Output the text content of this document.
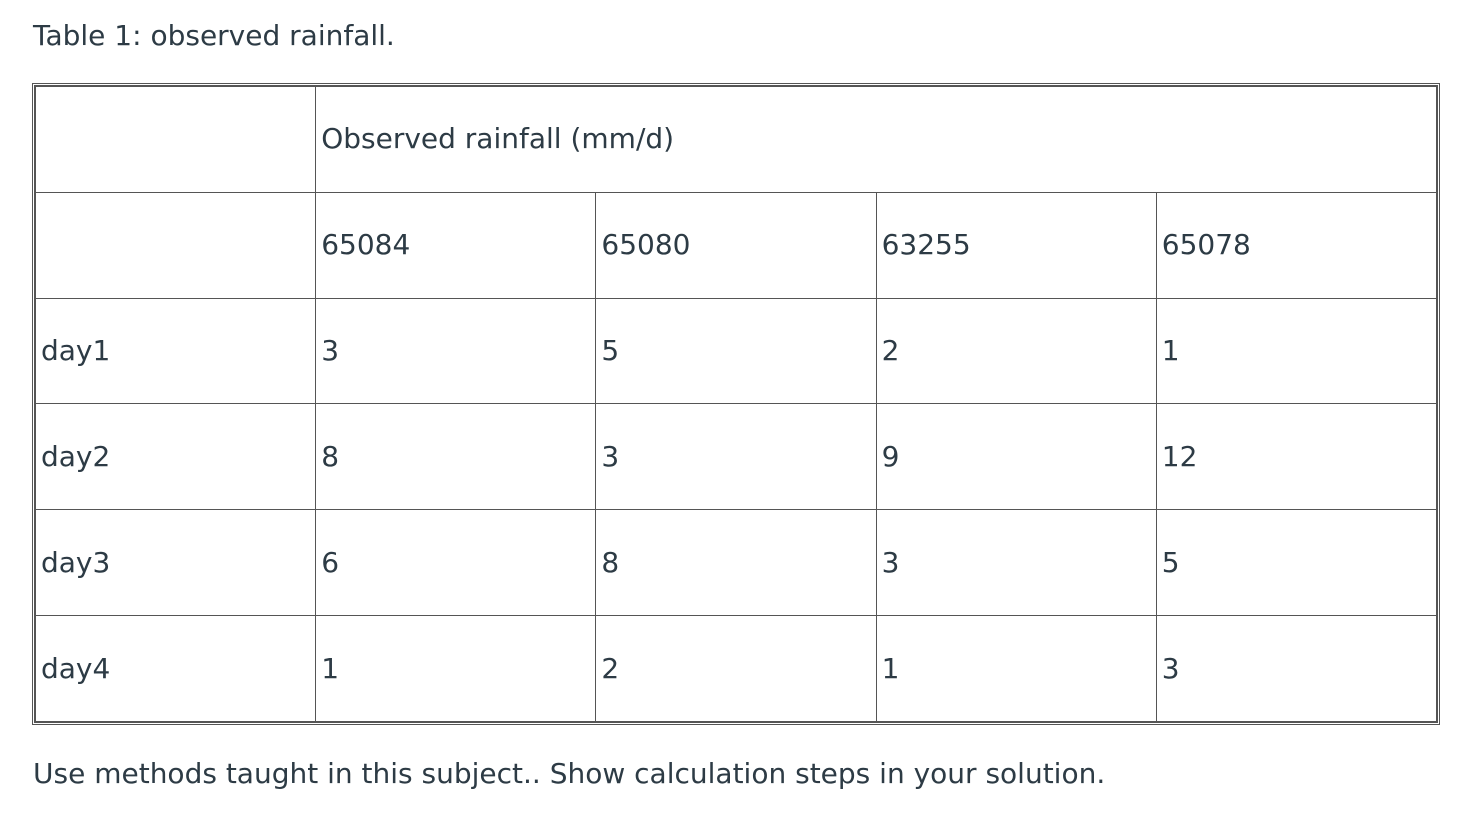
Table 1: observed rainfall.
	Observed rainfall (mm/d)			
	65084	65080	63255	65078
day1	3	5	2	1
day2	8	3	9	12
day3	6	8	3	5
day4	1	2	1	3
Use methods taught in this subject.. Show calculation steps in your solution.
